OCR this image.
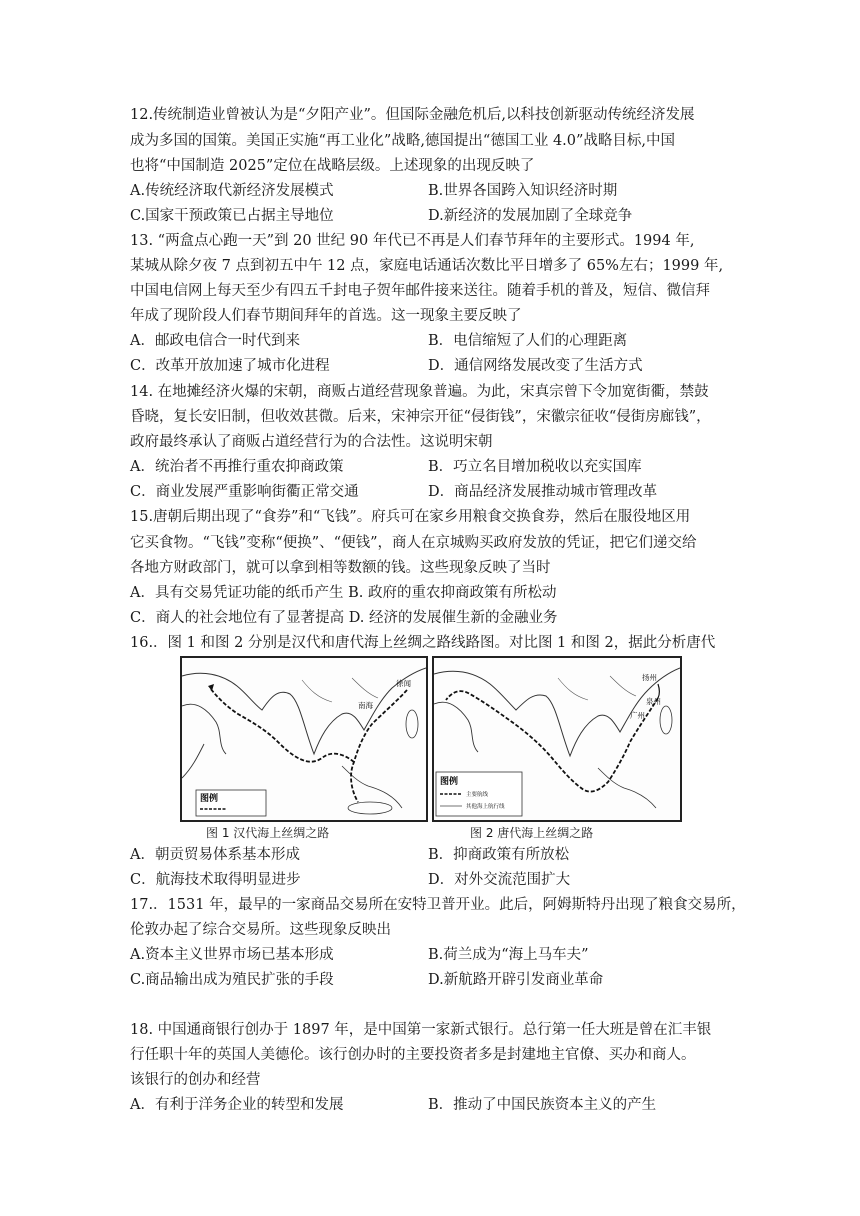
12.传统制造业曾被认为是“夕阳产业”。但国际金融危机后,以科技创新驱动传统经济发展
成为多国的国策。美国正实施“再工业化”战略,德国提出“德国工业 4.0”战略目标,中国
也将“中国制造 2025”定位在战略层级。上述现象的出现反映了
A.传统经济取代新经济发展模式	B.世界各国跨入知识经济时期
C.国家干预政策已占据主导地位	D.新经济的发展加剧了全球竞争
13. “两盒点心跑一天”到 20 世纪 90 年代已不再是人们春节拜年的主要形式。1994 年,
某城从除夕夜 7 点到初五中午 12 点，家庭电话通话次数比平日增多了 65%左右；1999 年,
中国电信网上每天至少有四五千封电子贺年邮件接来送往。随着手机的普及，短信、微信拜
年成了现阶段人们春节期间拜年的首选。这一现象主要反映了
A．邮政电信合一时代到来	B．电信缩短了人们的心理距离
C．改革开放加速了城市化进程	D．通信网络发展改变了生活方式
14. 在地摊经济火爆的宋朝，商贩占道经营现象普遍。为此，宋真宗曾下令加宽街衢，禁鼓
昏晓，复长安旧制，但收效甚微。后来，宋神宗开征“侵街钱”，宋徽宗征收“侵街房廊钱”，
政府最终承认了商贩占道经营行为的合法性。这说明宋朝
A．统治者不再推行重农抑商政策	B．巧立名目增加税收以充实国库
C．商业发展严重影响街衢正常交通	D．商品经济发展推动城市管理改革
15.唐朝后期出现了“食券”和“飞钱”。府兵可在家乡用粮食交换食券，然后在服役地区用
它买食物。“飞钱”变称“便换”、“便钱”，商人在京城购买政府发放的凭证，把它们递交给
各地方财政部门，就可以拿到相等数额的钱。这些现象反映了当时
A．具有交易凭证功能的纸币产生 B. 政府的重农抑商政策有所松动
C．商人的社会地位有了显著提高 D. 经济的发展催生新的金融业务
16.．图 1 和图 2 分别是汉代和唐代海上丝绸之路线路图。对比图 1 和图 2，据此分析唐代
南海
徐闻
图例
扬州
泉州
广州
图例
主要航线
其他海上航行线
图 1 汉代海上丝绸之路	图 2 唐代海上丝绸之路
A．朝贡贸易体系基本形成	B．抑商政策有所放松
C．航海技术取得明显进步	D．对外交流范围扩大
17.．1531 年，最早的一家商品交易所在安特卫普开业。此后，阿姆斯特丹出现了粮食交易所，
伦敦办起了综合交易所。这些现象反映出
A.资本主义世界市场已基本形成	B.荷兰成为“海上马车夫”
C.商品输出成为殖民扩张的手段	D.新航路开辟引发商业革命
18. 中国通商银行创办于 1897 年，是中国第一家新式银行。总行第一任大班是曾在汇丰银
行任职十年的英国人美德伦。该行创办时的主要投资者多是封建地主官僚、买办和商人。
该银行的创办和经营
A．有利于洋务企业的转型和发展	B．推动了中国民族资本主义的产生
